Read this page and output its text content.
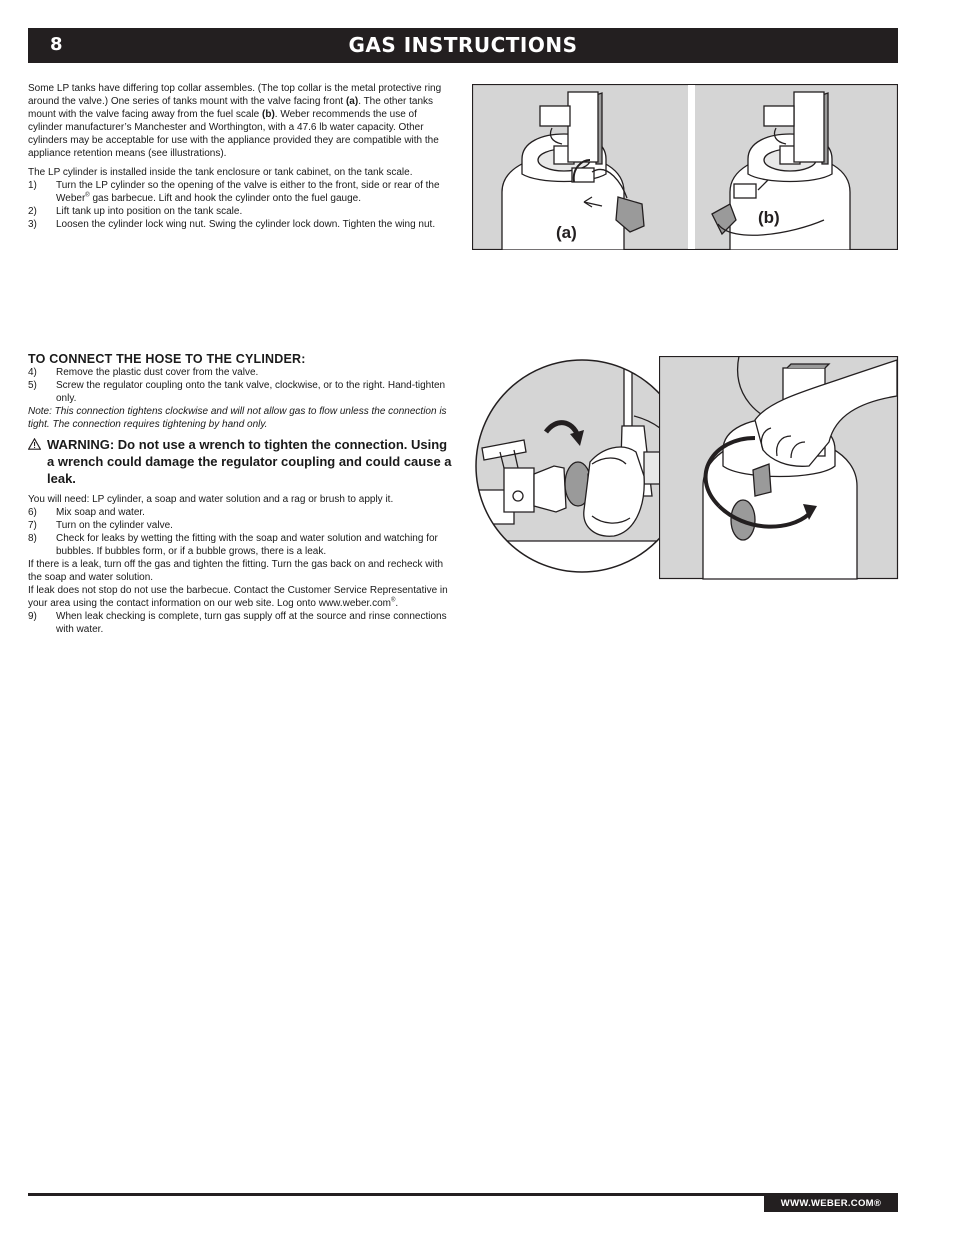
8	GAS INSTRUCTIONS

Some LP tanks have differing top collar assembles. (The top collar is the metal protective ring around the valve.) One series of tanks mount with the valve facing front (a). The other tanks mount with the valve facing away from the fuel scale (b). Weber recommends the use of cylinder manufacturer’s Manchester and Worthington, with a 47.6 lb water capacity. Other cylinders may be acceptable for use with the appliance provided they are compatible with the appliance retention means (see illustrations).

The LP cylinder is installed inside the tank enclosure or tank cabinet, on the tank scale.

1) Turn the LP cylinder so the opening of the valve is either to the front, side or rear of the Weber® gas barbecue. Lift and hook the cylinder onto the fuel gauge.

2) Lift tank up into position on the tank scale.

3) Loosen the cylinder lock wing nut. Swing the cylinder lock down. Tighten the wing nut.	(a)
(b)

TO CONNECT THE HOSE TO THE CYLINDER:

4) Remove the plastic dust cover from the valve.

5) Screw the regulator coupling onto the tank valve, clockwise, or to the right. Hand-tighten only.

Note: This connection tightens clockwise and will not allow gas to flow unless the connection is tight. The connection requires tightening by hand only.

WARNING: Do not use a wrench to tighten the connection. Using a wrench could damage the regulator coupling and could cause a leak.

You will need: LP cylinder, a soap and water solution and a rag or brush to apply it.

6) Mix soap and water.

7) Turn on the cylinder valve.

8) Check for leaks by wetting the fitting with the soap and water solution and watching for bubbles. If bubbles form, or if a bubble grows, there is a leak.

If there is a leak, turn off the gas and tighten the fitting. Turn the gas back on and recheck with the soap and water solution.

If leak does not stop do not use the barbecue. Contact the Customer Service Representative in your area using the contact information on our web site. Log onto www.weber.com®.

9) When leak checking is complete, turn gas supply off at the source and rinse connections with water.

WWW.WEBER.COM®
